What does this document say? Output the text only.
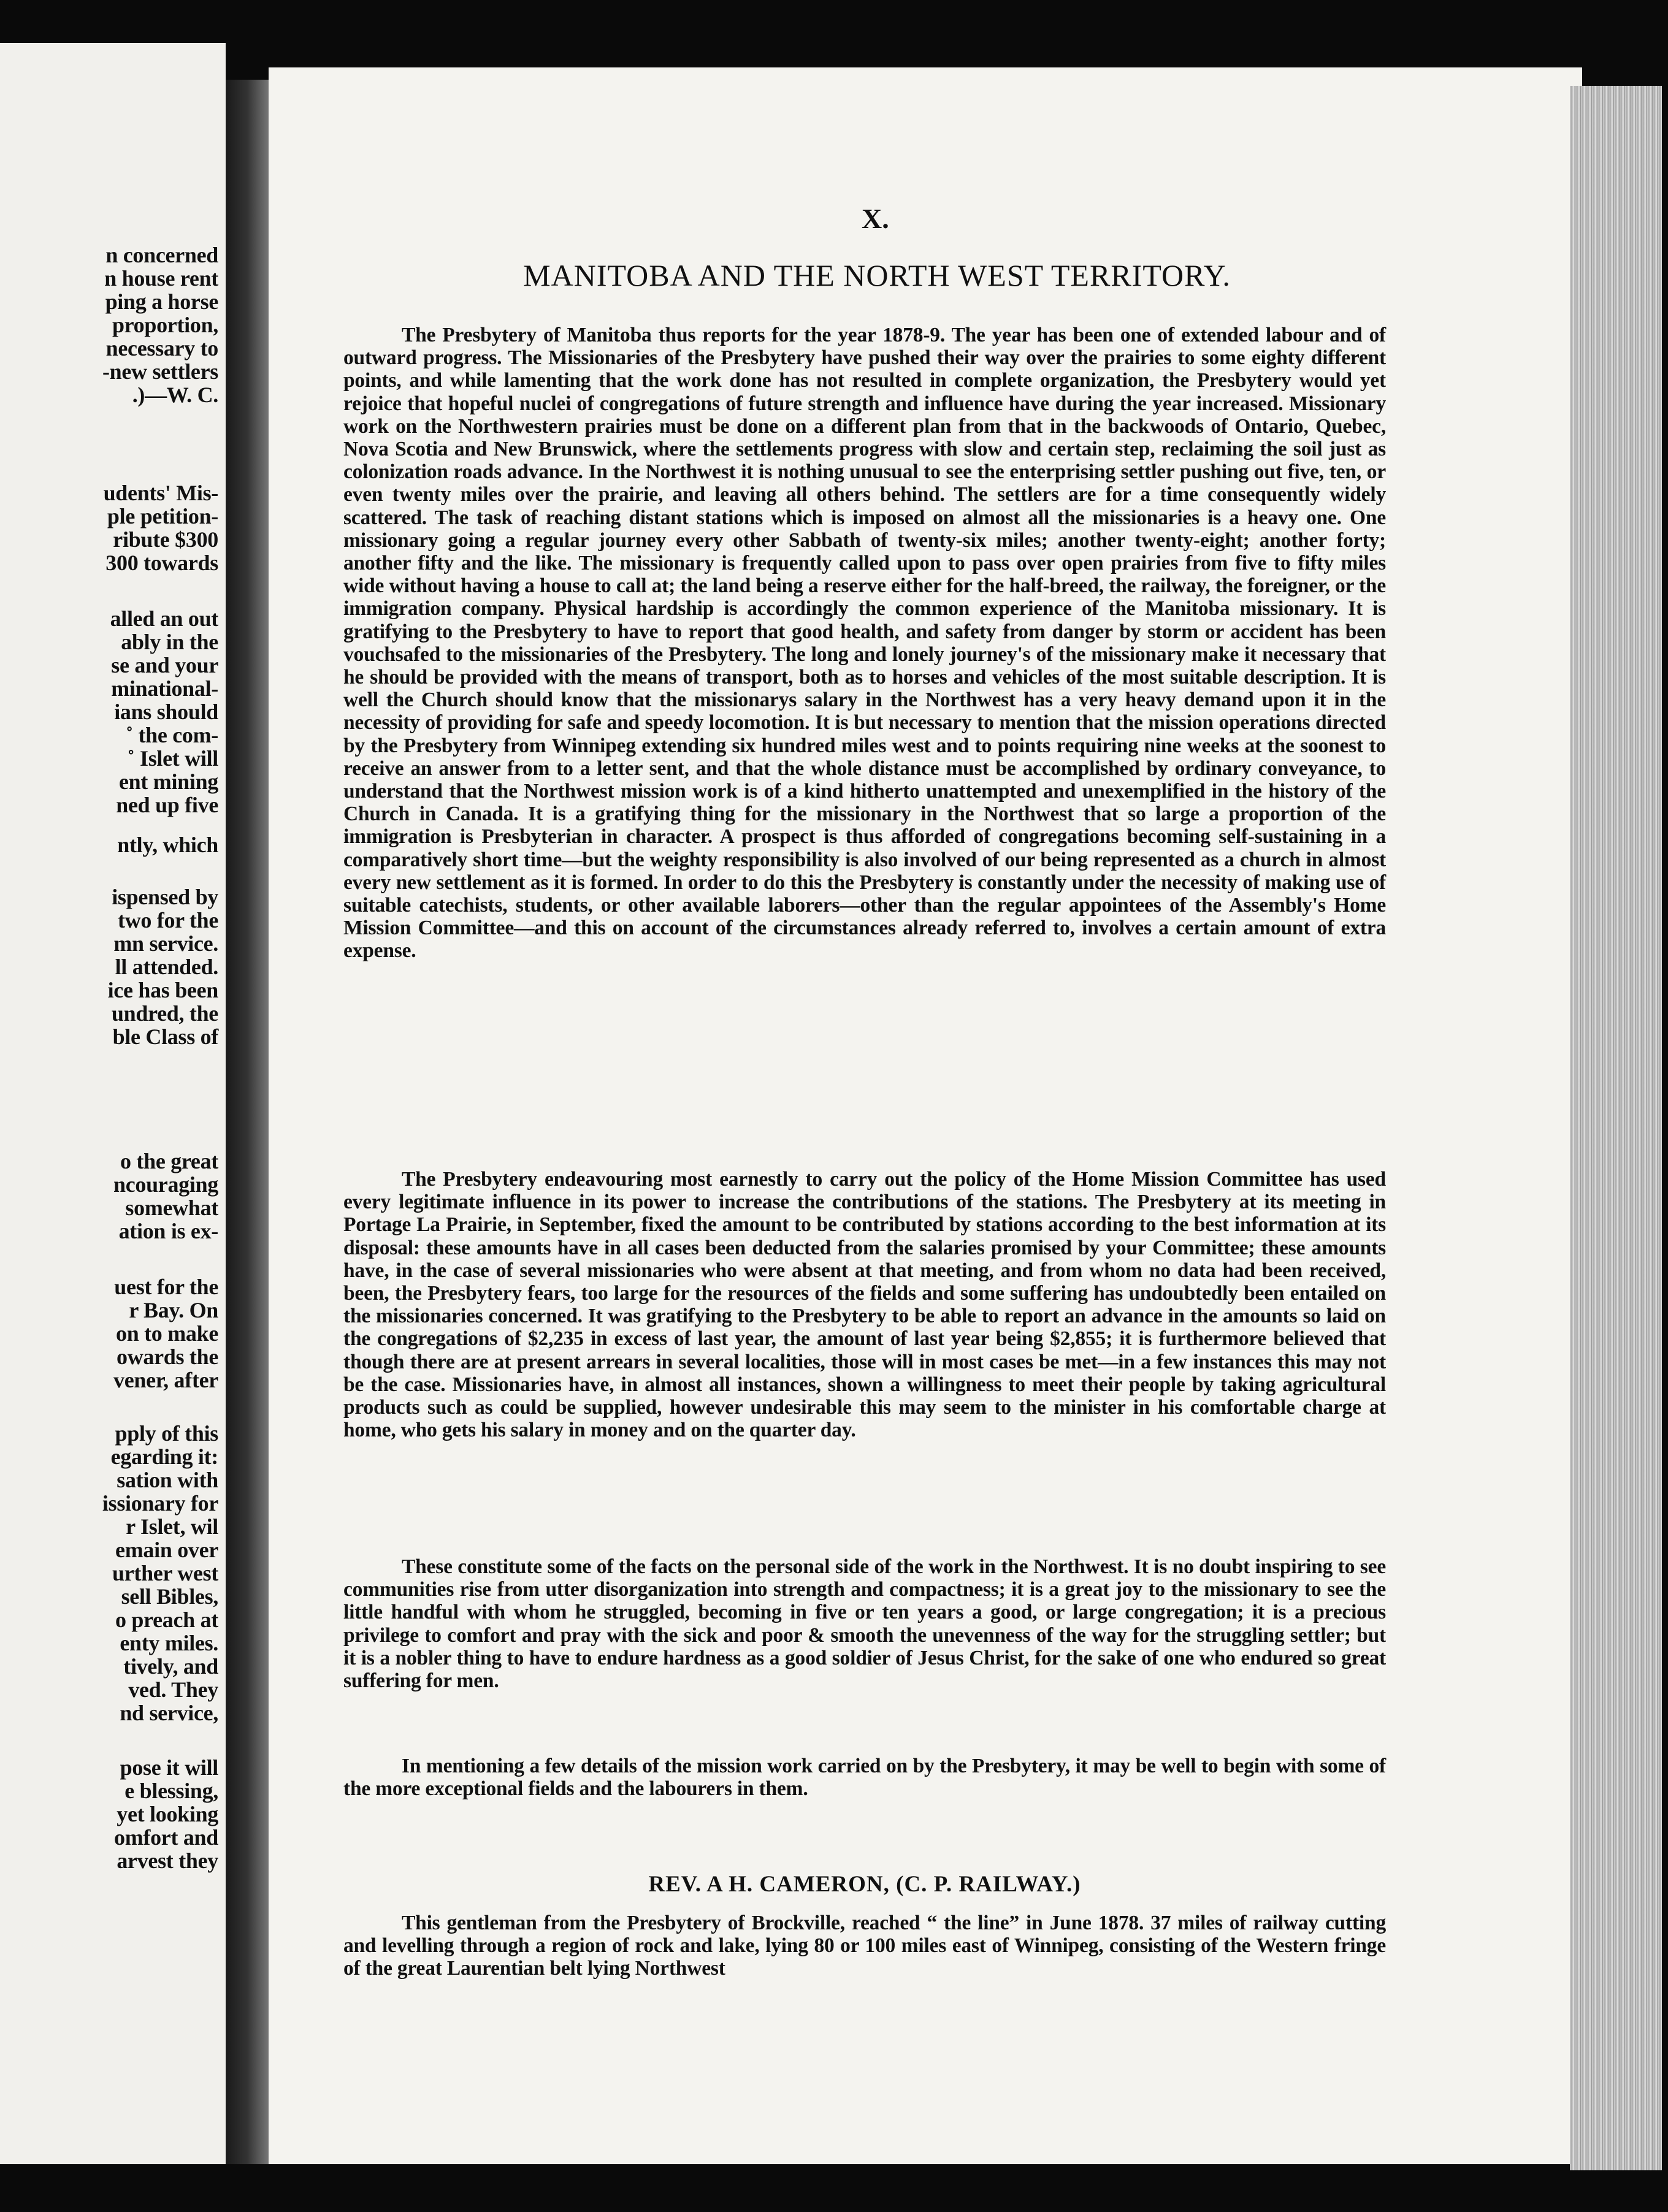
n concerned
n house rent
ping a horse
proportion,
necessary to
-new settlers
.)—W. C.
udents' Mis-
ple petition-
ribute $300
300 towards
alled an out
ably in the
se and your
minational-
ians should
˚ the com-
˚ Islet will
ent mining
ned up five
ntly, which
ispensed by
two for the
mn service.
ll attended.
ice has been
undred, the
ble Class of
o the great
ncouraging
somewhat
ation is ex-
uest for the
r Bay. On
on to make
owards the
vener, after
pply of this
egarding it:
sation with
issionary for
r Islet, wil
emain over
urther west
sell Bibles,
o preach at
enty miles.
tively, and
ved. They
nd service,
pose it will
e blessing,
yet looking
omfort and
arvest they
X.
MANITOBA AND THE NORTH WEST TERRITORY.

The Presbytery of Manitoba thus reports for the year 1878-9. The year has been one of extended labour and of outward progress. The Missionaries of the Presbytery have pushed their way over the prairies to some eighty different points, and while lamenting that the work done has not resulted in complete organization, the Presbytery would yet rejoice that hopeful nuclei of congregations of future strength and influence have during the year increased. Missionary work on the Northwestern prairies must be done on a different plan from that in the backwoods of Ontario, Quebec, Nova Scotia and New Brunswick, where the settlements progress with slow and certain step, reclaiming the soil just as colonization roads advance. In the Northwest it is nothing unusual to see the enterprising settler pushing out five, ten, or even twenty miles over the prairie, and leaving all others behind. The settlers are for a time consequently widely scattered. The task of reaching distant stations which is imposed on almost all the missionaries is a heavy one. One missionary going a regular journey every other Sabbath of twenty-six miles; another twenty-eight; another forty; another fifty and the like. The missionary is frequently called upon to pass over open prairies from five to fifty miles wide without having a house to call at; the land being a reserve either for the half-breed, the railway, the foreigner, or the immigration company. Physical hardship is accordingly the common experience of the Manitoba missionary. It is gratifying to the Presbytery to have to report that good health, and safety from danger by storm or accident has been vouchsafed to the missionaries of the Presbytery. The long and lonely journey's of the missionary make it necessary that he should be provided with the means of transport, both as to horses and vehicles of the most suitable description. It is well the Church should know that the missionarys salary in the Northwest has a very heavy demand upon it in the necessity of providing for safe and speedy locomotion. It is but necessary to mention that the mission operations directed by the Presbytery from Winnipeg extending six hundred miles west and to points requiring nine weeks at the soonest to receive an answer from to a letter sent, and that the whole distance must be accomplished by ordinary conveyance, to understand that the Northwest mission work is of a kind hitherto unattempted and unexemplified in the history of the Church in Canada. It is a gratifying thing for the missionary in the Northwest that so large a proportion of the immigration is Presbyterian in character. A prospect is thus afforded of congregations becoming self-sustaining in a comparatively short time—but the weighty responsibility is also involved of our being represented as a church in almost every new settlement as it is formed. In order to do this the Presbytery is constantly under the necessity of making use of suitable catechists, students, or other available laborers—other than the regular appointees of the Assembly's Home Mission Committee—and this on account of the circumstances already referred to, involves a certain amount of extra expense.

The Presbytery endeavouring most earnestly to carry out the policy of the Home Mission Committee has used every legitimate influence in its power to increase the contributions of the stations. The Presbytery at its meeting in Portage La Prairie, in September, fixed the amount to be contributed by stations according to the best information at its disposal: these amounts have in all cases been deducted from the salaries promised by your Committee; these amounts have, in the case of several missionaries who were absent at that meeting, and from whom no data had been received, been, the Presbytery fears, too large for the resources of the fields and some suffering has undoubtedly been entailed on the missionaries concerned. It was gratifying to the Presbytery to be able to report an advance in the amounts so laid on the congregations of $2,235 in excess of last year, the amount of last year being $2,855; it is furthermore believed that though there are at present arrears in several localities, those will in most cases be met—in a few instances this may not be the case. Missionaries have, in almost all instances, shown a willingness to meet their people by taking agricultural products such as could be supplied, however undesirable this may seem to the minister in his comfortable charge at home, who gets his salary in money and on the quarter day.

These constitute some of the facts on the personal side of the work in the Northwest. It is no doubt inspiring to see communities rise from utter disorganization into strength and compactness; it is a great joy to the missionary to see the little handful with whom he struggled, becoming in five or ten years a good, or large congregation; it is a precious privilege to comfort and pray with the sick and poor & smooth the unevenness of the way for the struggling settler; but it is a nobler thing to have to endure hardness as a good soldier of Jesus Christ, for the sake of one who endured so great suffering for men.

In mentioning a few details of the mission work carried on by the Presbytery, it may be well to begin with some of the more exceptional fields and the labourers in them.

REV. A H. CAMERON, (C. P. RAILWAY.)

This gentleman from the Presbytery of Brockville, reached “ the line” in June 1878. 37 miles of railway cutting and levelling through a region of rock and lake, lying 80 or 100 miles east of Winnipeg, consisting of the Western fringe of the great Laurentian belt lying Northwest
